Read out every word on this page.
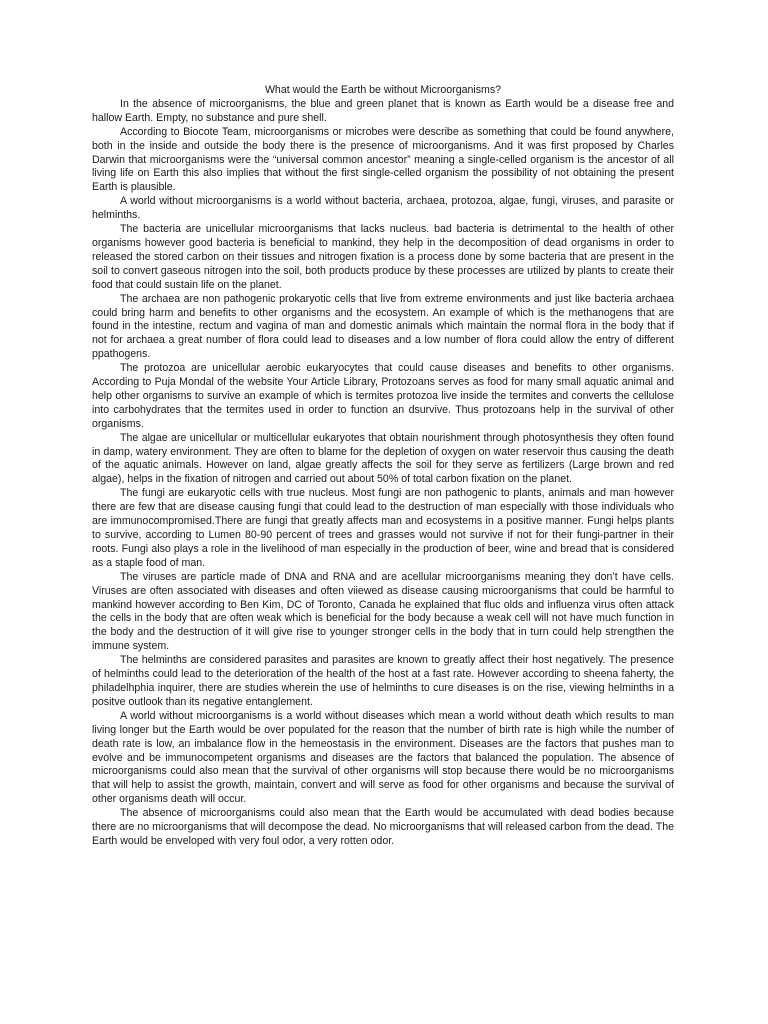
What would the Earth be without Microorganisms?

In the absence of microorganisms, the blue and green planet that is known as Earth would be a disease free and hallow Earth. Empty, no substance and pure shell.

According to Biocote Team, microorganisms or microbes were describe as something that could be found anywhere, both in the inside and outside the body there is the presence of microorganisms. And it was first proposed by Charles Darwin that microorganisms were the “universal common ancestor” meaning a single-celled organism is the ancestor of all living life on Earth this also implies that without the first single-celled organism the possibility of not obtaining the present Earth is plausible.

A world without microorganisms is a world without bacteria, archaea, protozoa, algae, fungi, viruses, and parasite or helminths.

The bacteria are unicellular microorganisms that lacks nucleus. bad bacteria is detrimental to the health of other organisms however good bacteria is beneficial to mankind, they help in the decomposition of dead organisms in order to released the stored carbon on their tissues and nitrogen fixation is a process done by some bacteria that are present in the soil to convert gaseous nitrogen into the soil, both products produce by these processes are utilized by plants to create their food that could sustain life on the planet.

The archaea are non pathogenic prokaryotic cells that live from extreme environments and just like bacteria archaea could bring harm and benefits to other organisms and the ecosystem. An example of which is the methanogens that are found in the intestine, rectum and vagina of man and domestic animals which maintain the normal flora in the body that if not for archaea a great number of flora could lead to diseases and a low number of flora could allow the entry of different ppathogens.

The protozoa are unicellular aerobic eukaryocytes that could cause diseases and benefits to other organisms. According to Puja Mondal of the website Your Article Library, Protozoans serves as food for many small aquatic animal and help other organisms to survive an example of which is termites protozoa live inside the termites and converts the cellulose into carbohydrates that the termites used in order to function an dsurvive. Thus protozoans help in the survival of other organisms.

The algae are unicellular or multicellular eukaryotes that obtain nourishment through photosynthesis they often found in damp, watery environment. They are often to blame for the depletion of oxygen on water reservoir thus causing the death of the aquatic animals. However on land, algae greatly affects the soil for they serve as fertilizers (Large brown and red algae), helps in the fixation of nitrogen and carried out about 50% of total carbon fixation on the planet.

The fungi are eukaryotic cells with true nucleus. Most fungi are non pathogenic to plants, animals and man however there are few that are disease causing fungi that could lead to the destruction of man especially with those individuals who are immunocompromised.There are fungi that greatly affects man and ecosystems in a positive manner. Fungi helps plants to survive, according to Lumen 80-90 percent of trees and grasses would not survive if not for their fungi-partner in their roots. Fungi also plays a role in the livelihood of man especially in the production of beer, wine and bread that is considered as a staple food of man.

The viruses are particle made of DNA and RNA and are acellular microorganisms meaning they don’t have cells. Viruses are often associated with diseases and often viiewed as disease causing microorganisms that could be harmful to mankind however according to Ben Kim, DC of Toronto, Canada he explained that fluc olds and influenza virus often attack the cells in the body that are often weak which is beneficial for the body because a weak cell will not have much function in the body and the destruction of it will give rise to younger stronger cells in the body that in turn could help strengthen the immune system.

The helminths are considered parasites and parasites are known to greatly affect their host negatively. The presence of helminths could lead to the deterioration of the health of the host at a fast rate. However according to sheena faherty, the philadelhphia inquirer, there are studies wherein the use of helminths to cure diseases is on the rise, viewing helminths in a positve outlook than its negative entanglement.

A world without microorganisms is a world without diseases which mean a world without death which results to man living longer but the Earth would be over populated for the reason that the number of birth rate is high while the number of death rate is low, an imbalance flow in the hemeostasis in the environment. Diseases are the factors that pushes man to evolve and be immunocompetent organisms and diseases are the factors that balanced the population. The absence of microorganisms could also mean that the survival of other organisms will stop because there would be no microorganisms that will help to assist the growth, maintain, convert and will serve as food for other organisms and because the survival of other organisms death will occur.

The absence of microorganisms could also mean that the Earth would be accumulated with dead bodies because there are no microorganisms that will decompose the dead. No microorganisms that will released carbon from the dead. The Earth would be enveloped with very foul odor, a very rotten odor.
